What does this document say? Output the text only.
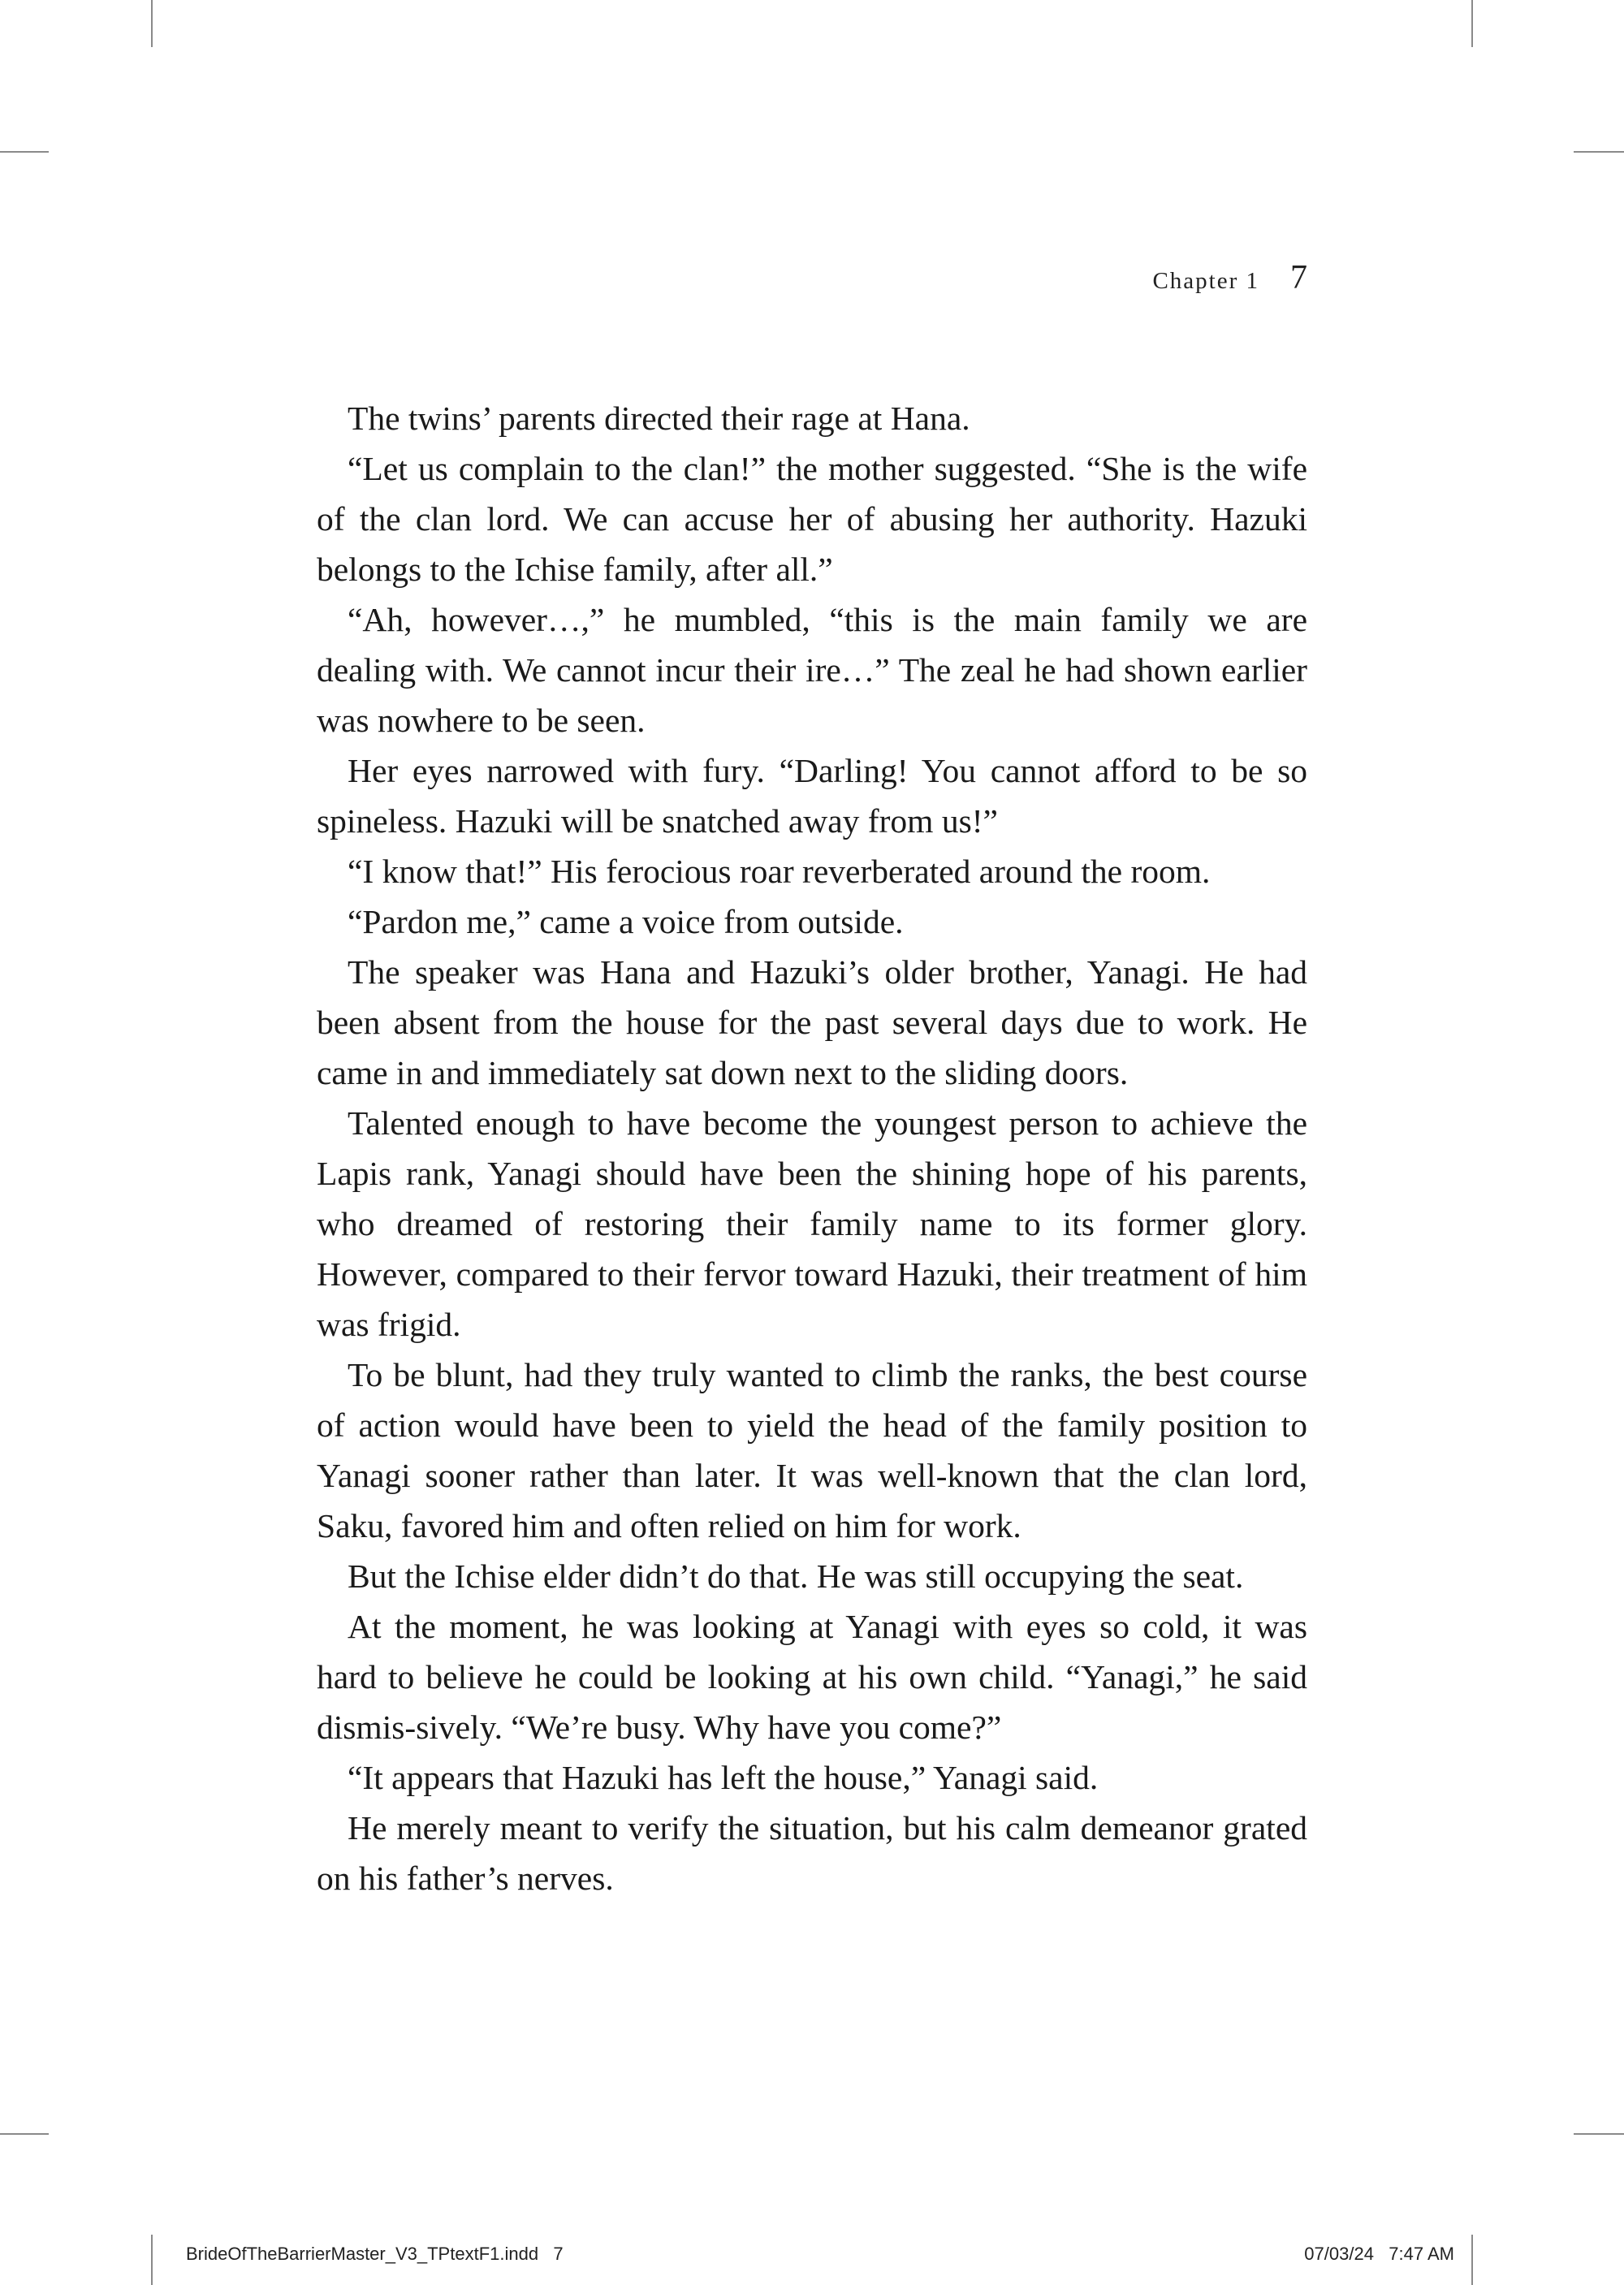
Chapter 1 7

The twins’ parents directed their rage at Hana.

“Let us complain to the clan!” the mother suggested. “She is the wife of the clan lord. We can accuse her of abusing her authority. Hazuki belongs to the Ichise family, after all.”

“Ah, however…,” he mumbled, “this is the main family we are dealing with. We cannot incur their ire…” The zeal he had shown earlier was nowhere to be seen.

Her eyes narrowed with fury. “Darling! You cannot afford to be so spineless. Hazuki will be snatched away from us!”

“I know that!” His ferocious roar reverberated around the room.

“Pardon me,” came a voice from outside.

The speaker was Hana and Hazuki’s older brother, Yanagi. He had been absent from the house for the past several days due to work. He came in and immediately sat down next to the sliding doors.

Talented enough to have become the youngest person to achieve the Lapis rank, Yanagi should have been the shining hope of his parents, who dreamed of restoring their family name to its former glory. However, compared to their fervor toward Hazuki, their treatment of him was frigid.

To be blunt, had they truly wanted to climb the ranks, the best course of action would have been to yield the head of the family position to Yanagi sooner rather than later. It was well-known that the clan lord, Saku, favored him and often relied on him for work.

But the Ichise elder didn’t do that. He was still occupying the seat.

At the moment, he was looking at Yanagi with eyes so cold, it was hard to believe he could be looking at his own child. “Yanagi,” he said dismis-sively. “We’re busy. Why have you come?”

“It appears that Hazuki has left the house,” Yanagi said.

He merely meant to verify the situation, but his calm demeanor grated on his father’s nerves.

BrideOfTheBarrierMaster_V3_TPtextF1.indd   7	07/03/24   7:47 AM
